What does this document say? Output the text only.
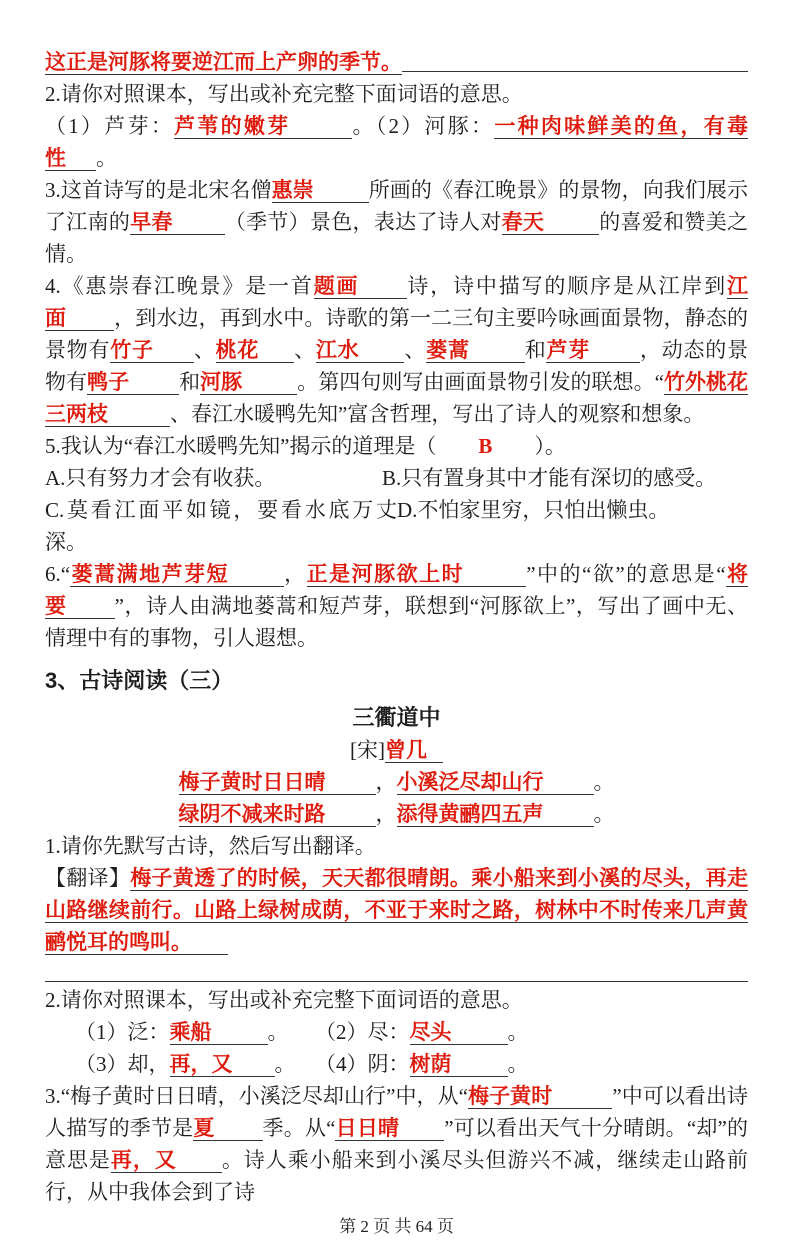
这正是河豚将要逆江而上产卵的季节。
2.请你对照课本，写出或补充完整下面词语的意思。
（1）芦芽：芦苇的嫩芽	。（2）河豚：一种肉味鲜美的鱼，有毒性 。
3.这首诗写的是北宋名僧惠崇	所画的《春江晚景》的景物，向我们展示了江南的早春 （季节）景色，表达了诗人对春天	的喜爱和赞美之情。
4.《惠崇春江晚景》是一首题画 诗，诗中描写的顺序是从江岸到江面 ，到水边，再到水中。诗歌的第一二三句主要吟咏画面景物，静态的景物有竹子 、桃花 、江水 、蒌蒿	和芦芽 ，动态的景物有鸭子 和河豚	。第四句则写由画面景物引发的联想。“竹外桃花三两枝	、春江水暖鸭先知”富含哲理，写出了诗人的观察和想象。
5.我认为“春江水暖鸭先知”揭示的道理是（　　B　　）。
A.只有努力才会有收获。	B.只有置身其中才能有深切的感受。
C.莫看江面平如镜，要看水底万丈深。
D.不怕家里穷，只怕出懒虫。
6.“蒌蒿满地芦芽短	，正是河豚欲上时	”中的“欲”的意思是“将要 ”，诗人由满地蒌蒿和短芦芽，联想到“河豚欲上”，写出了画中无、情理中有的事物，引人遐想。
3、古诗阅读（三）
三衢道中
[宋]曾几
梅子黄时日日晴 ，小溪泛尽却山行 。
绿阴不减来时路 ，添得黄鹂四五声 。
1.请你先默写古诗，然后写出翻译。
【翻译】梅子黄透了的时候，天天都很晴朗。乘小船来到小溪的尽头，再走山路继续前行。山路上绿树成荫，不亚于来时之路，树林中不时传来几声黄鹂悦耳的鸣叫。
2.请你对照课本，写出或补充完整下面词语的意思。
（1）泛：乘船	。	（2）尽：尽头	。
（3）却，再，又 。 （4）阴：树荫	。
3.“梅子黄时日日晴，小溪泛尽却山行”中，从“梅子黄时	”中可以看出诗人描写的季节是夏 季。从“日日晴 ”可以看出天气十分晴朗。“却”的意思是再，又 。诗人乘小船来到小溪尽头但游兴不减，继续走山路前行，从中我体会到了诗
第 2 页 共 64 页
